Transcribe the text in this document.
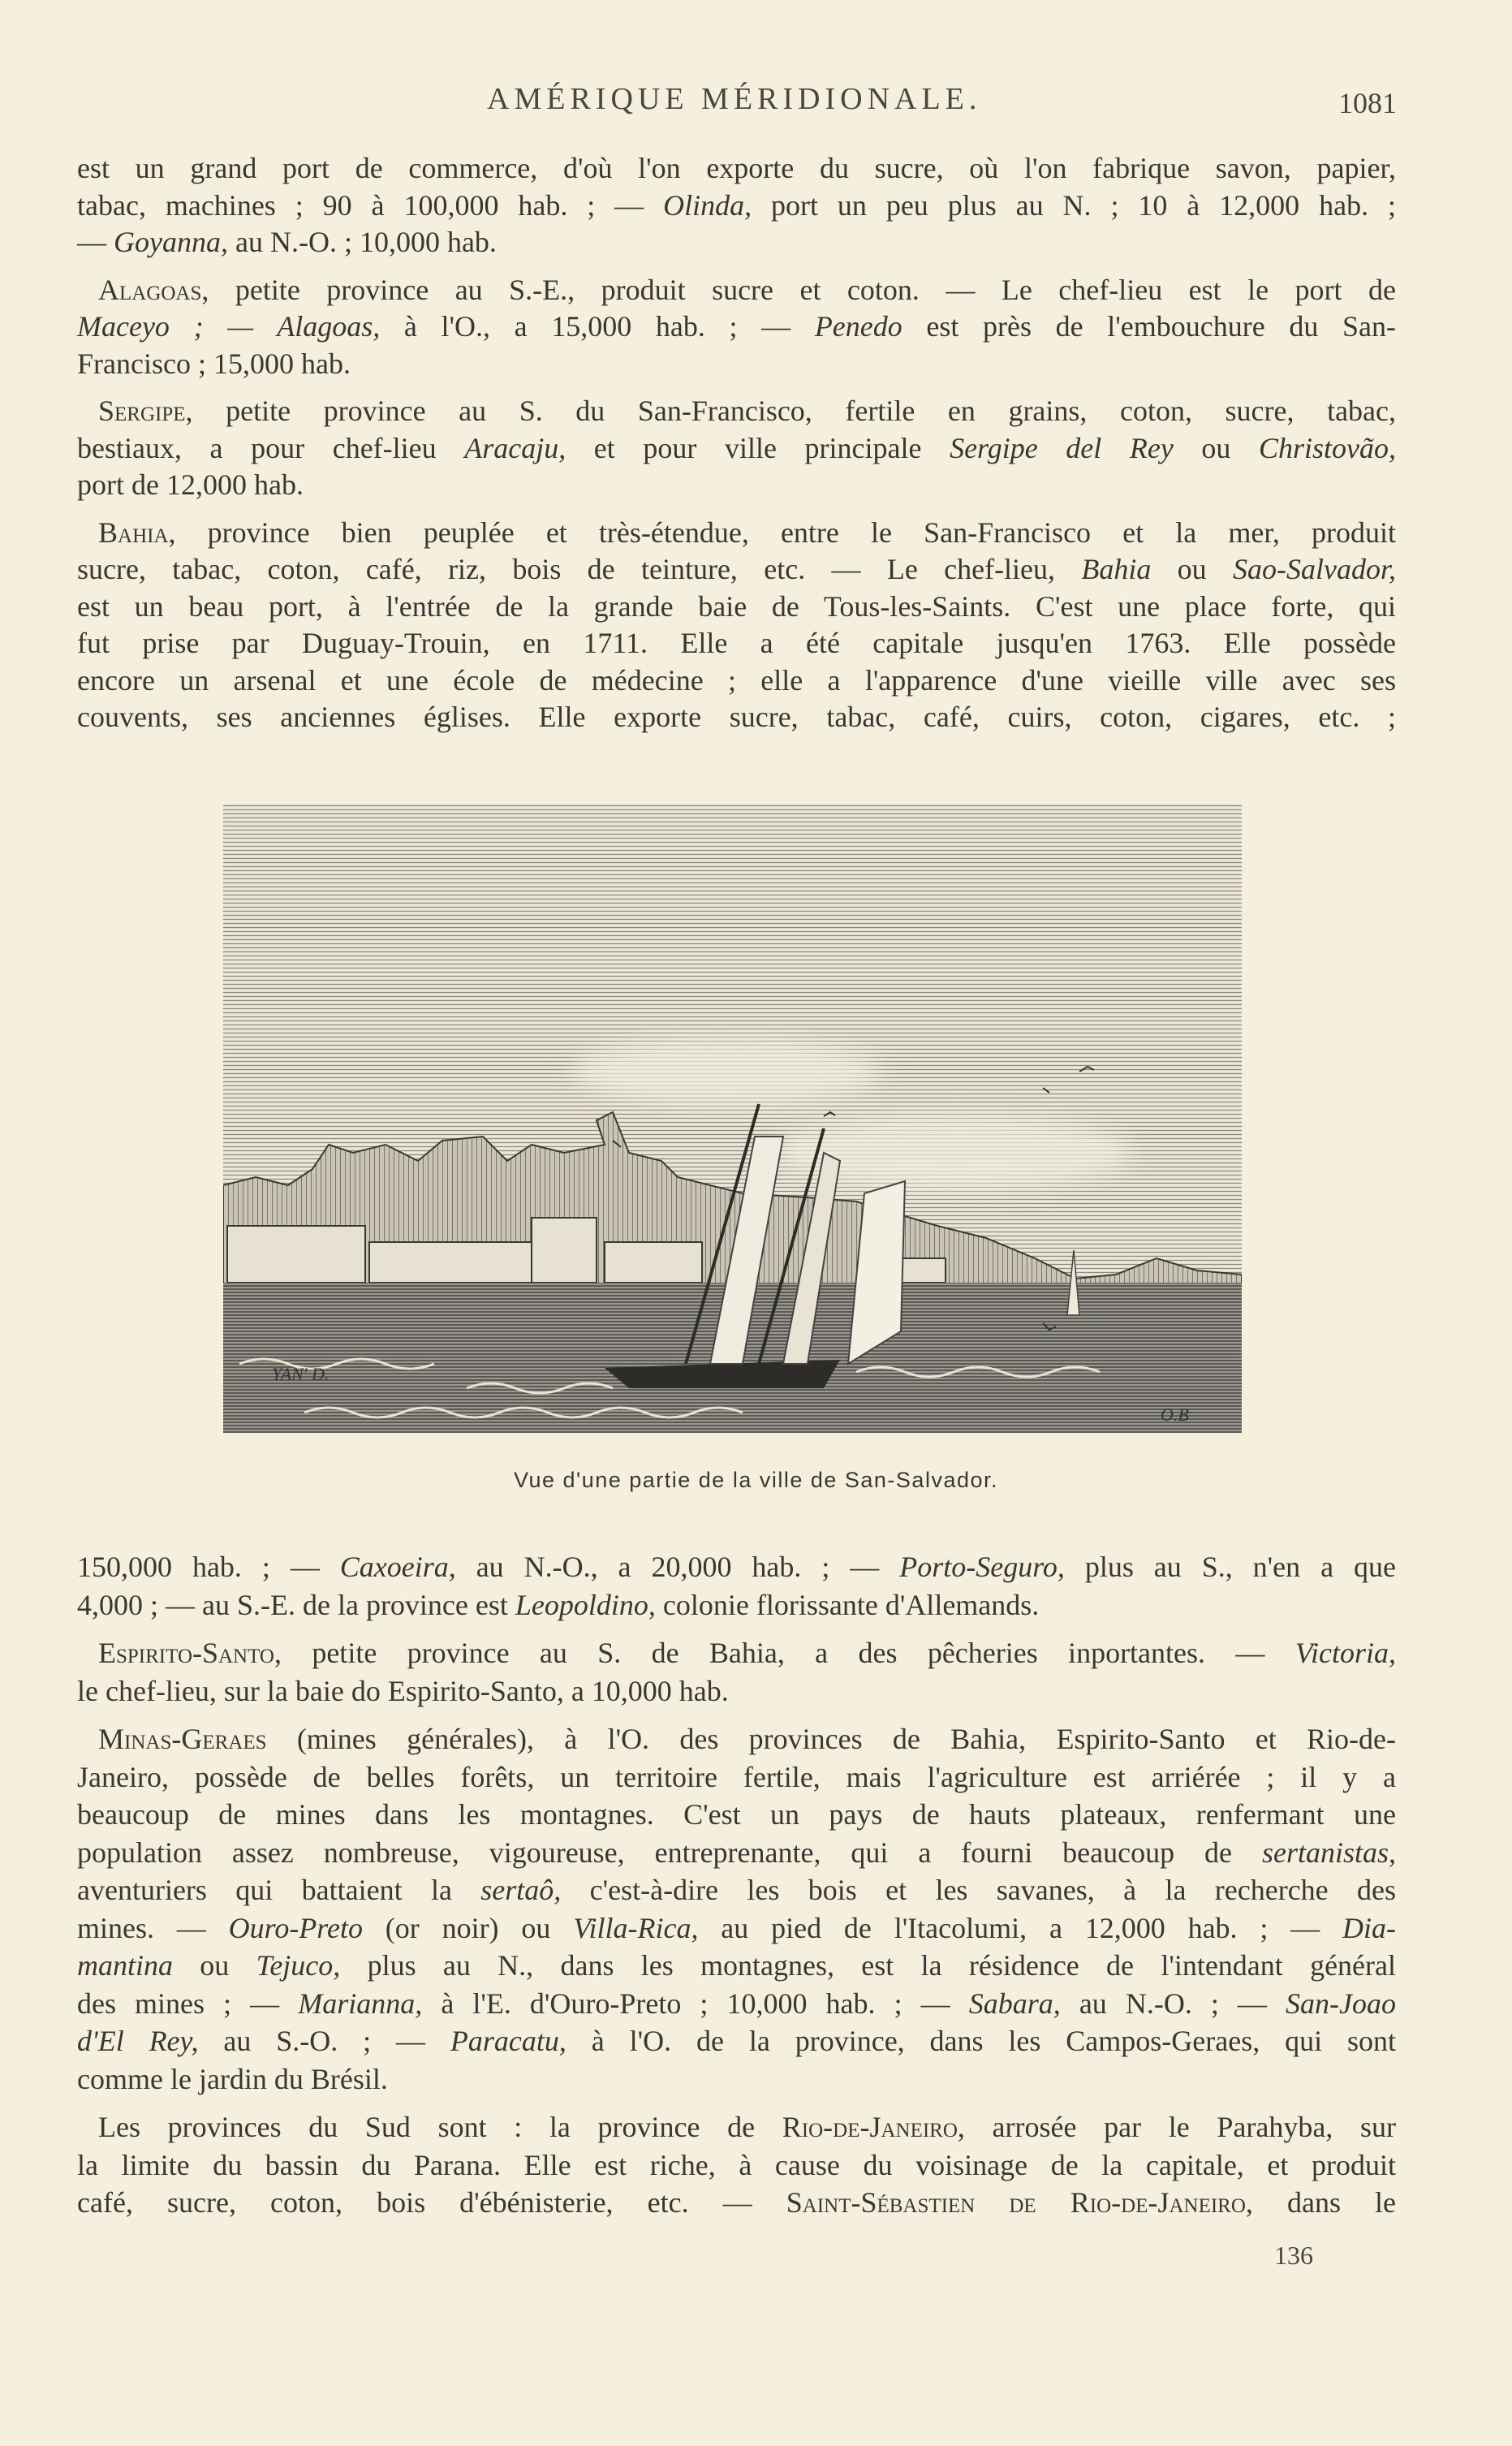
AMÉRIQUE MÉRIDIONALE.	1081
est un grand port de commerce, d'où l'on exporte du sucre, où l'on fabrique savon, papier,
tabac, machines ; 90 à 100,000 hab. ; — Olinda, port un peu plus au N. ; 10 à 12,000 hab. ;
— Goyanna, au N.-O. ; 10,000 hab.
Alagoas, petite province au S.-E., produit sucre et coton. — Le chef-lieu est le port de
Maceyo ; — Alagoas, à l'O., a 15,000 hab. ; — Penedo est près de l'embouchure du San-
Francisco ; 15,000 hab.
Sergipe, petite province au S. du San-Francisco, fertile en grains, coton, sucre, tabac,
bestiaux, a pour chef-lieu Aracaju, et pour ville principale Sergipe del Rey ou Christovão,
port de 12,000 hab.
Bahia, province bien peuplée et très-étendue, entre le San-Francisco et la mer, produit
sucre, tabac, coton, café, riz, bois de teinture, etc. — Le chef-lieu, Bahia ou Sao-Salvador,
est un beau port, à l'entrée de la grande baie de Tous-les-Saints. C'est une place forte, qui
fut prise par Duguay-Trouin, en 1711. Elle a été capitale jusqu'en 1763. Elle possède
encore un arsenal et une école de médecine ; elle a l'apparence d'une vieille ville avec ses
couvents, ses anciennes églises. Elle exporte sucre, tabac, café, cuirs, coton, cigares, etc. ;
YAN' D.
O.B
Vue d'une partie de la ville de San-Salvador.
150,000 hab. ; — Caxoeira, au N.-O., a 20,000 hab. ; — Porto-Seguro, plus au S., n'en a que
4,000 ; — au S.-E. de la province est Leopoldino, colonie florissante d'Allemands.
Espirito-Santo, petite province au S. de Bahia, a des pêcheries inportantes. — Victoria,
le chef-lieu, sur la baie do Espirito-Santo, a 10,000 hab.
Minas-Geraes (mines générales), à l'O. des provinces de Bahia, Espirito-Santo et Rio-de-
Janeiro, possède de belles forêts, un territoire fertile, mais l'agriculture est arriérée ; il y a
beaucoup de mines dans les montagnes. C'est un pays de hauts plateaux, renfermant une
population assez nombreuse, vigoureuse, entreprenante, qui a fourni beaucoup de sertanistas,
aventuriers qui battaient la sertaô, c'est-à-dire les bois et les savanes, à la recherche des
mines. — Ouro-Preto (or noir) ou Villa-Rica, au pied de l'Itacolumi, a 12,000 hab. ; — Dia-
mantina ou Tejuco, plus au N., dans les montagnes, est la résidence de l'intendant général
des mines ; — Marianna, à l'E. d'Ouro-Preto ; 10,000 hab. ; — Sabara, au N.-O. ; — San-Joao
d'El Rey, au S.-O. ; — Paracatu, à l'O. de la province, dans les Campos-Geraes, qui sont
comme le jardin du Brésil.
Les provinces du Sud sont : la province de Rio-de-Janeiro, arrosée par le Parahyba, sur
la limite du bassin du Parana. Elle est riche, à cause du voisinage de la capitale, et produit
café, sucre, coton, bois d'ébénisterie, etc. — Saint-Sébastien de Rio-de-Janeiro, dans le
136
